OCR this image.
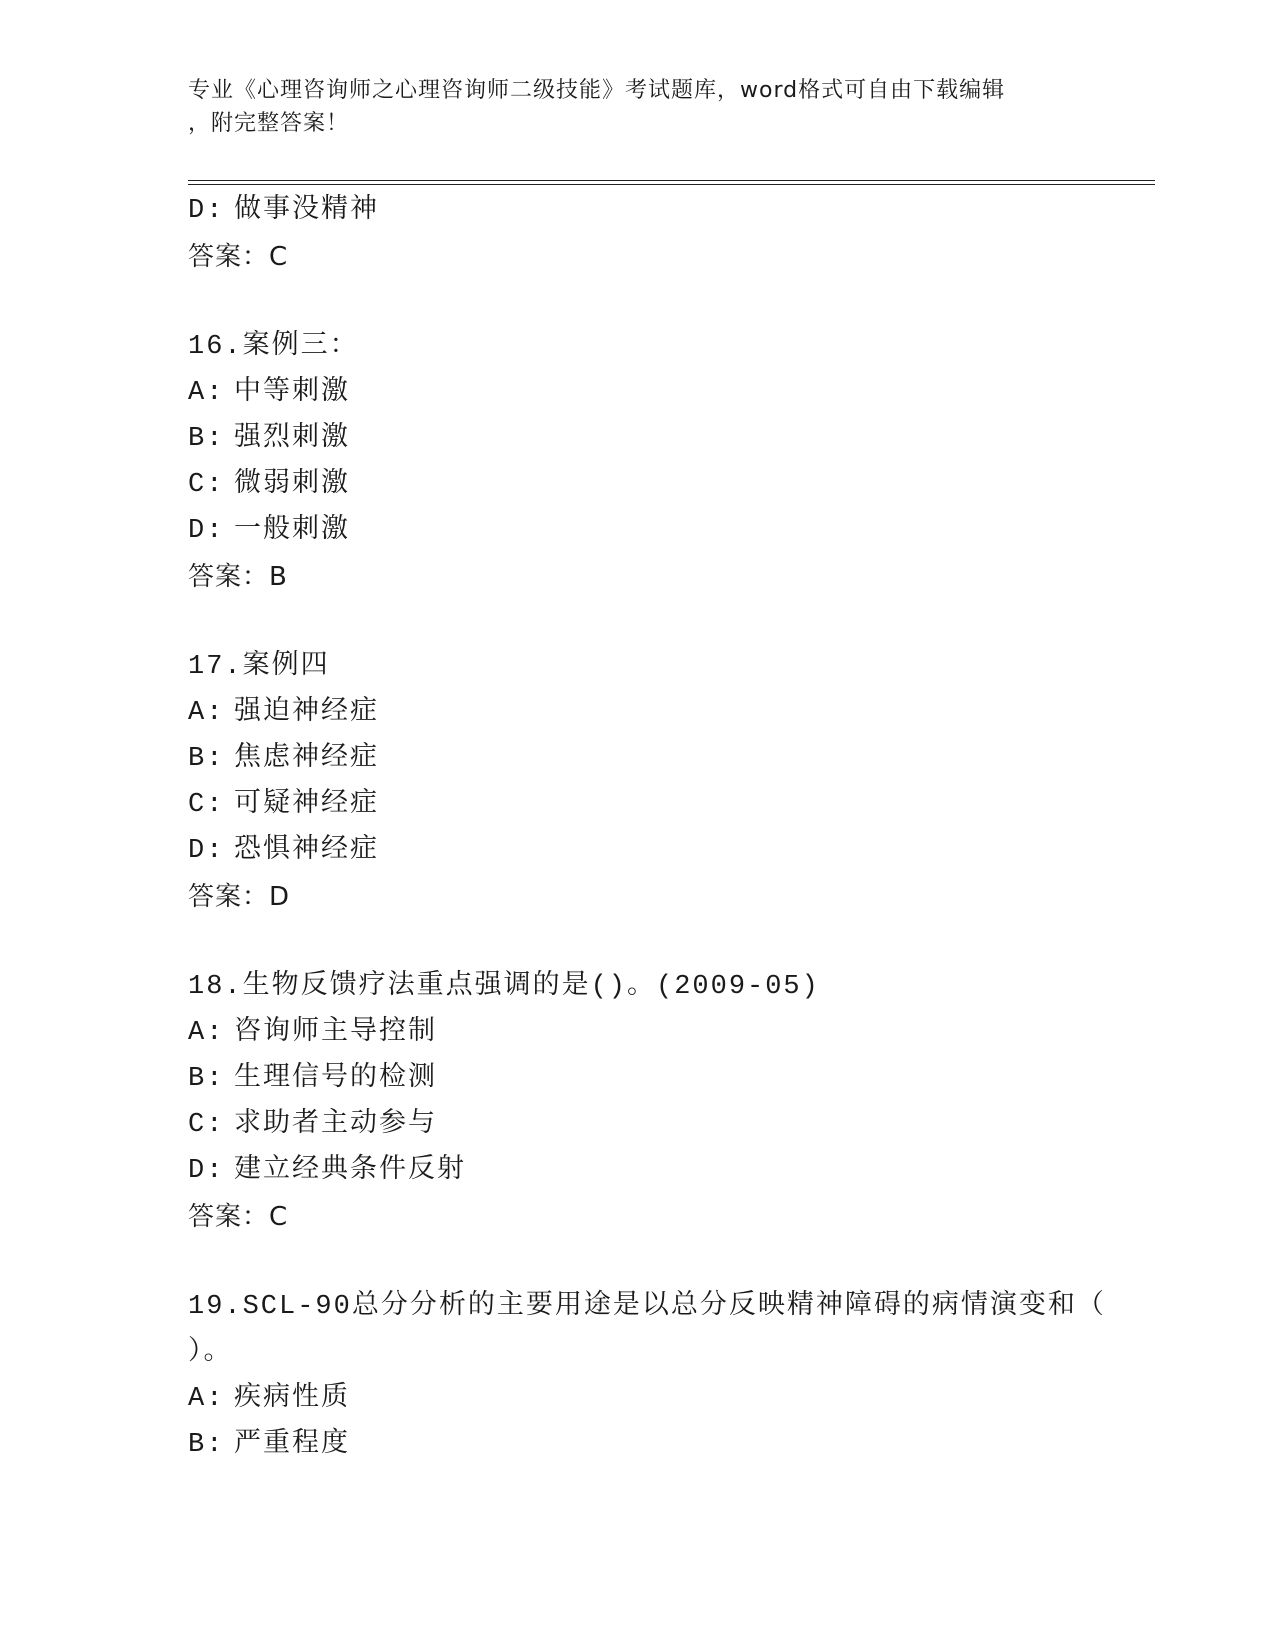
专业《心理咨询师之心理咨询师二级技能》考试题库，word格式可自由下载编辑
，附完整答案！
D: 做事没精神
答案：C
16.案例三：
A: 中等刺激
B: 强烈刺激
C: 微弱刺激
D: 一般刺激
答案：B
17.案例四
A: 强迫神经症
B: 焦虑神经症
C: 可疑神经症
D: 恐惧神经症
答案：D
18.生物反馈疗法重点强调的是()。(2009-05)
A: 咨询师主导控制
B: 生理信号的检测
C: 求助者主动参与
D: 建立经典条件反射
答案：C
19.SCL-90总分分析的主要用途是以总分反映精神障碍的病情演变和（
）。
A: 疾病性质
B: 严重程度
